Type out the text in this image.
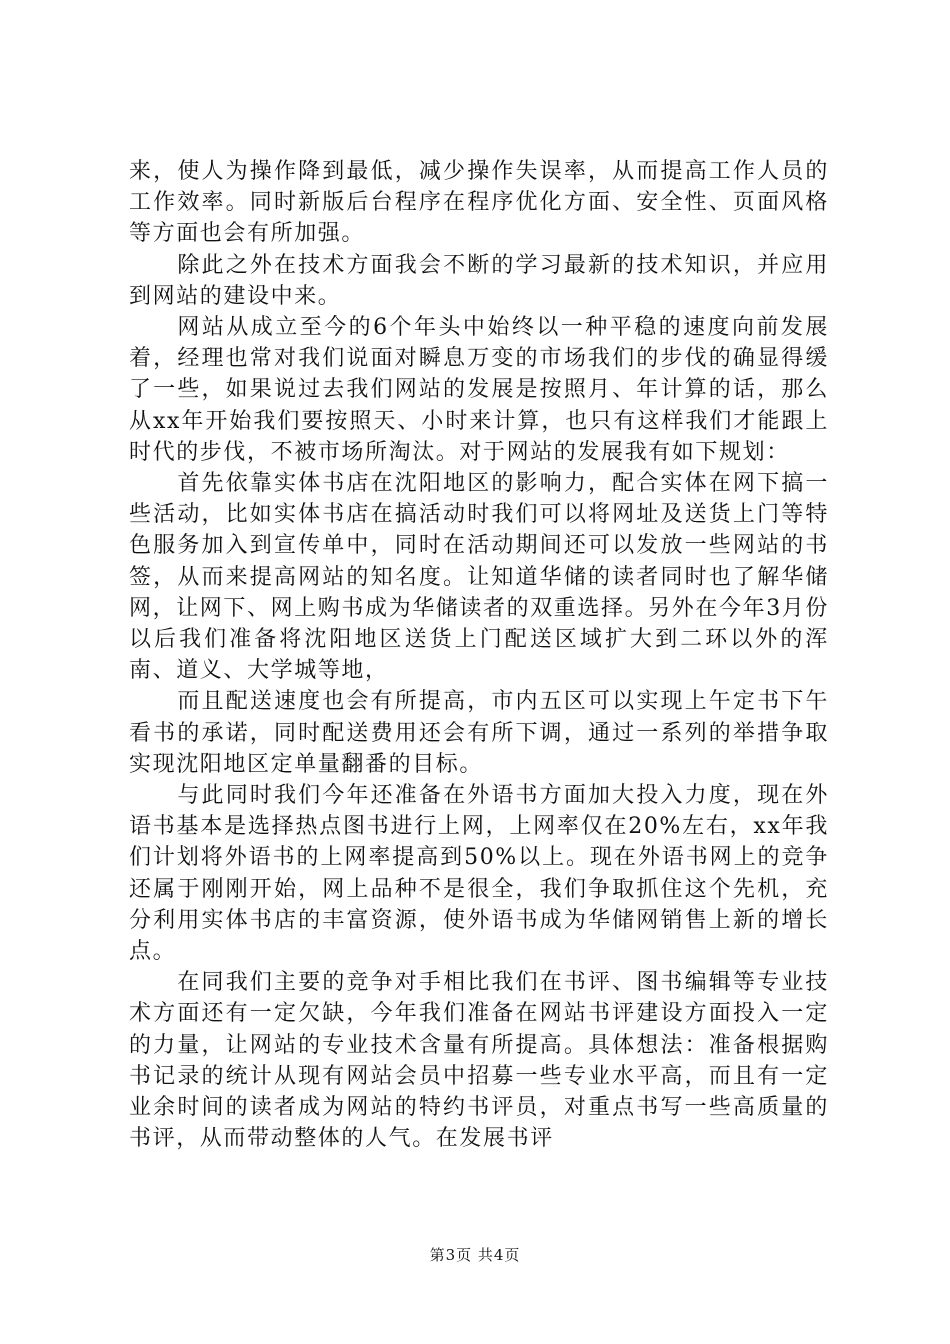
来，使人为操作降到最低，减少操作失误率，从而提高工作人员的工作效率。同时新版后台程序在程序优化方面、安全性、页面风格等方面也会有所加强。

除此之外在技术方面我会不断的学习最新的技术知识，并应用到网站的建设中来。

网站从成立至今的6个年头中始终以一种平稳的速度向前发展着，经理也常对我们说面对瞬息万变的市场我们的步伐的确显得缓了一些，如果说过去我们网站的发展是按照月、年计算的话，那么从xx年开始我们要按照天、小时来计算，也只有这样我们才能跟上时代的步伐，不被市场所淘汰。对于网站的发展我有如下规划：

首先依靠实体书店在沈阳地区的影响力，配合实体在网下搞一些活动，比如实体书店在搞活动时我们可以将网址及送货上门等特色服务加入到宣传单中，同时在活动期间还可以发放一些网站的书签，从而来提高网站的知名度。让知道华储的读者同时也了解华储网，让网下、网上购书成为华储读者的双重选择。另外在今年3月份以后我们准备将沈阳地区送货上门配送区域扩大到二环以外的浑南、道义、大学城等地，

而且配送速度也会有所提高，市内五区可以实现上午定书下午看书的承诺，同时配送费用还会有所下调，通过一系列的举措争取实现沈阳地区定单量翻番的目标。

与此同时我们今年还准备在外语书方面加大投入力度，现在外语书基本是选择热点图书进行上网，上网率仅在20%左右，xx年我们计划将外语书的上网率提高到50%以上。现在外语书网上的竞争还属于刚刚开始，网上品种不是很全，我们争取抓住这个先机，充分利用实体书店的丰富资源，使外语书成为华储网销售上新的增长点。

在同我们主要的竞争对手相比我们在书评、图书编辑等专业技术方面还有一定欠缺，今年我们准备在网站书评建设方面投入一定的力量，让网站的专业技术含量有所提高。具体想法：准备根据购书记录的统计从现有网站会员中招募一些专业水平高，而且有一定业余时间的读者成为网站的特约书评员，对重点书写一些高质量的书评，从而带动整体的人气。在发展书评

第3页 共4页
